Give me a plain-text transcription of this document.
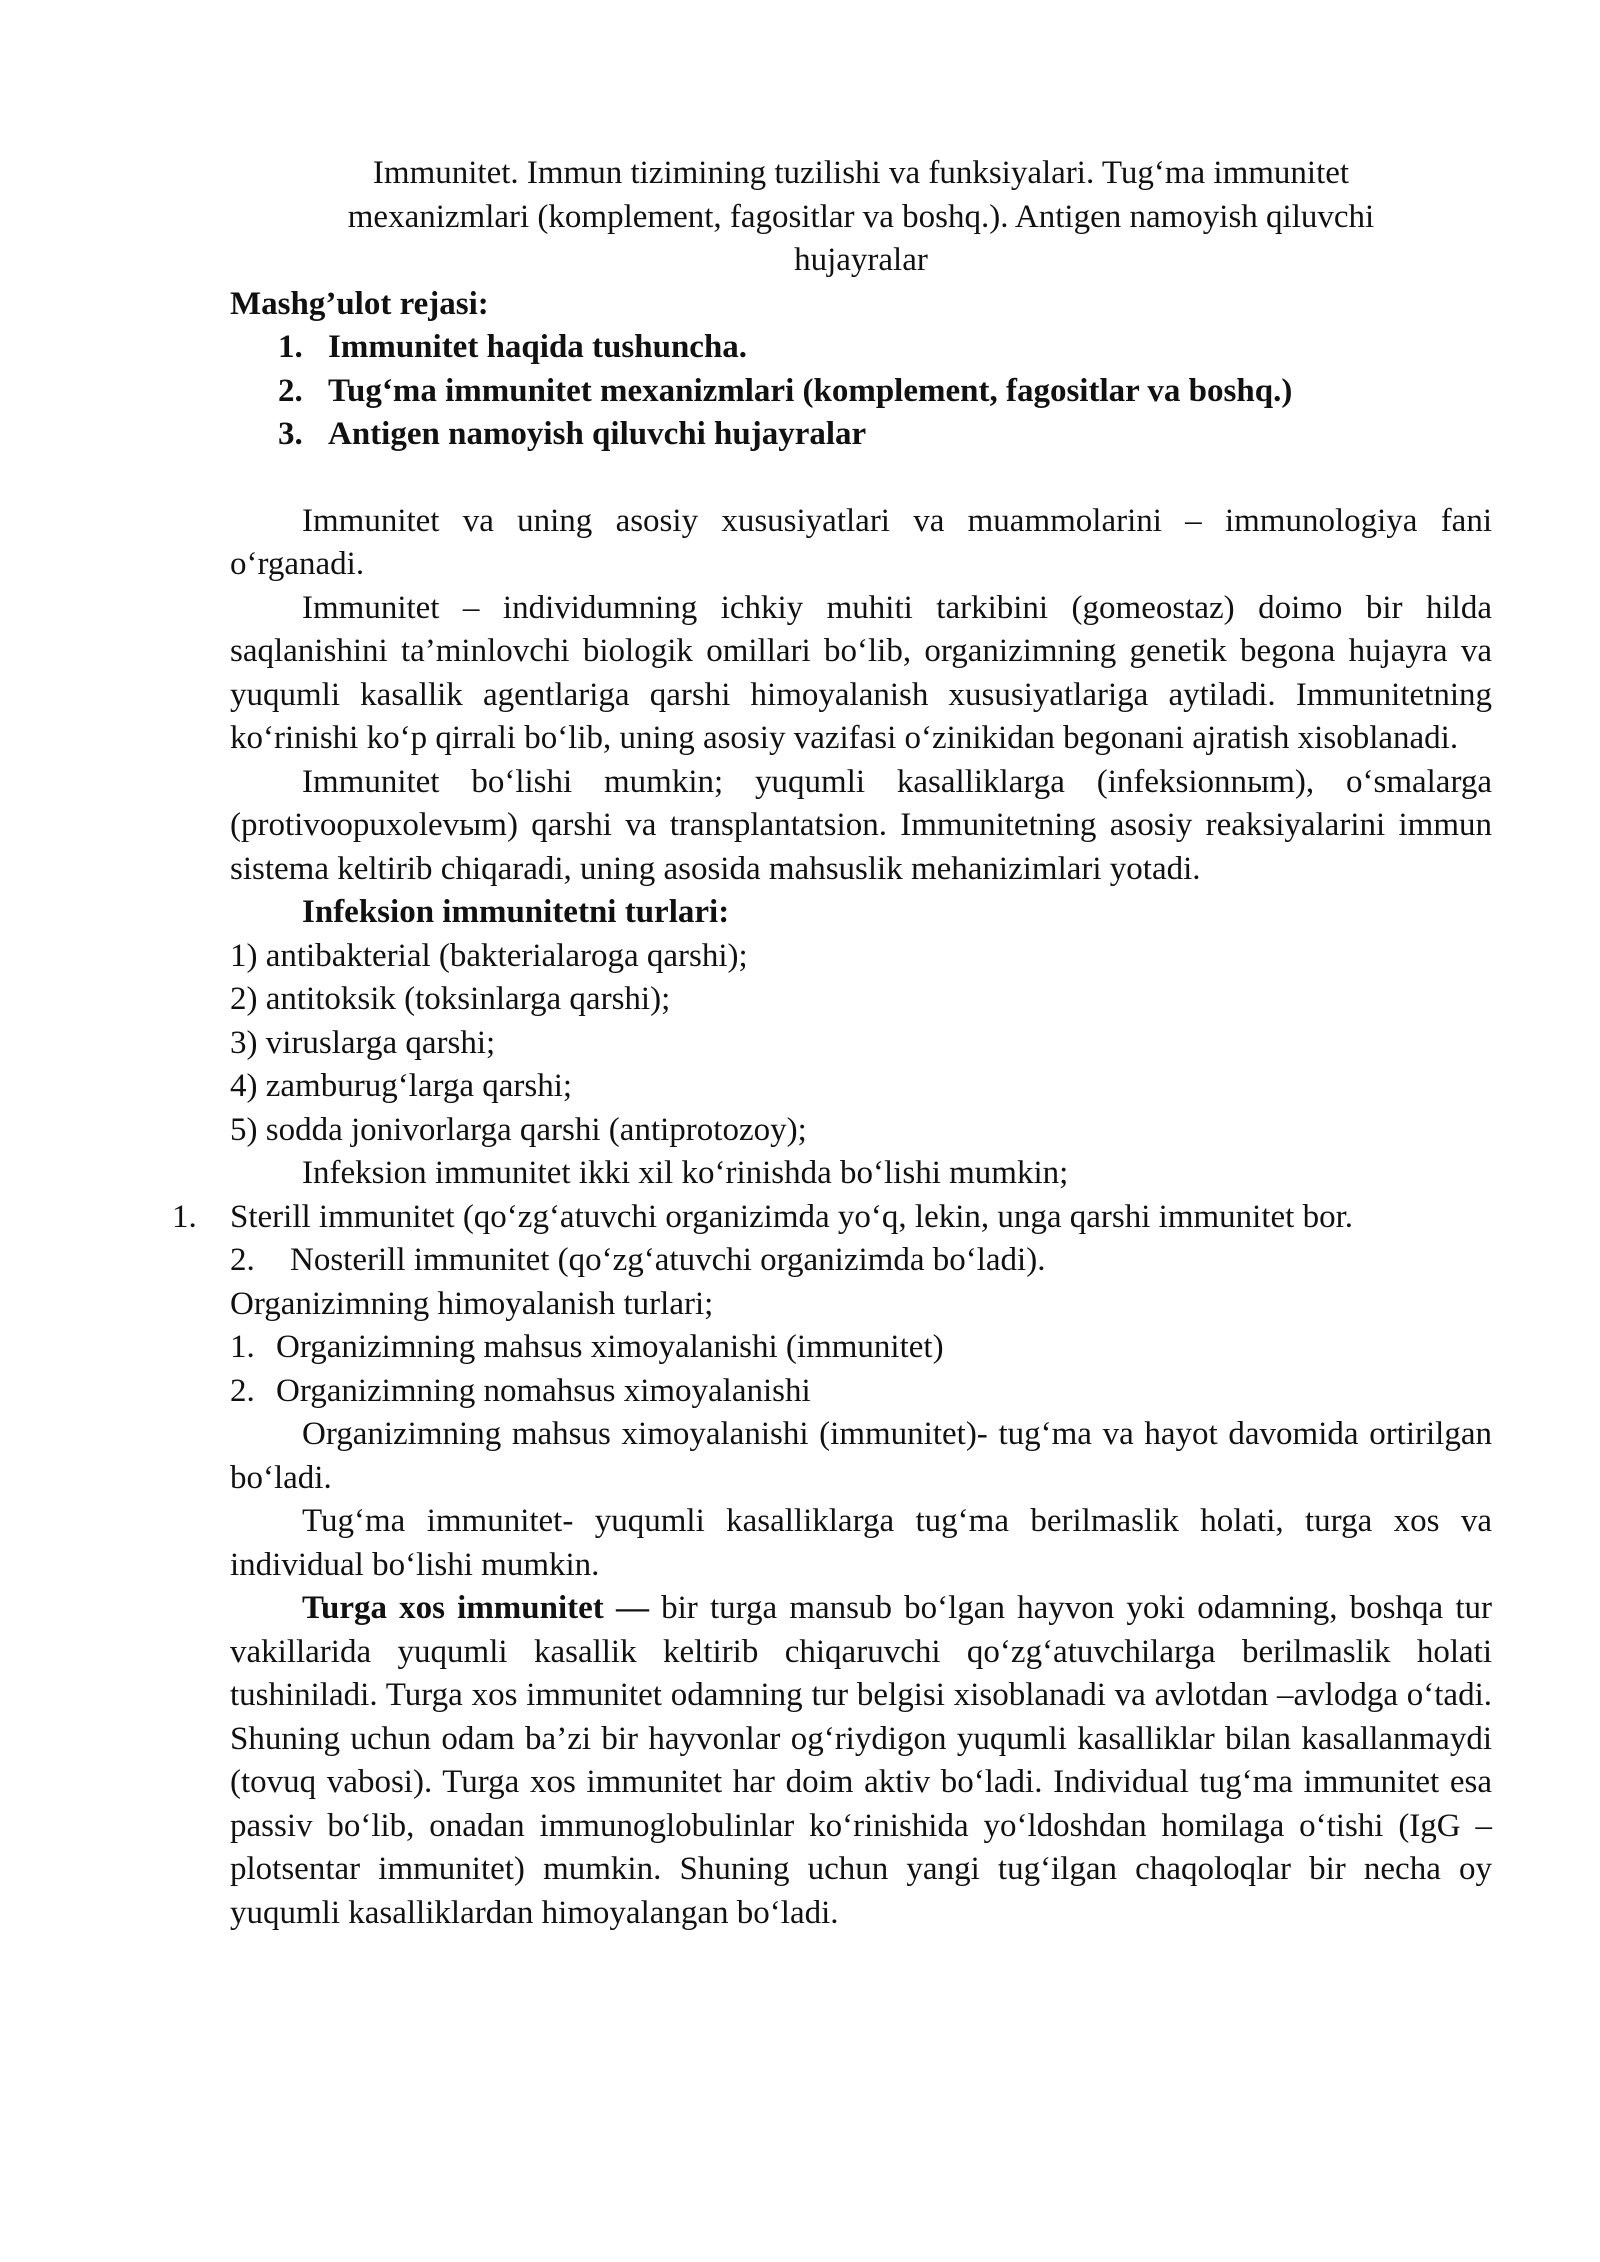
Immunitet. Immun tizimining tuzilishi va funksiyalari. Tug‘ma immunitet
mexanizmlari (komplement, fagositlar va boshq.). Antigen namoyish qiluvchi
hujayralar

Mashg’ulot rejasi:

1. Immunitet haqida tushuncha.
2. Tug‘ma immunitet mexanizmlari (komplement, fagositlar va boshq.)
3. Antigen namoyish qiluvchi hujayralar

Immunitet va uning asosiy xususiyatlari va muammolarini – immunologiya fani o‘rganadi.

Immunitet – individumning ichkiy muhiti tarkibini (gomeostaz) doimo bir hilda saqlanishini ta’minlovchi biologik omillari bo‘lib, organizimning genetik begona hujayra va yuqumli kasallik agentlariga qarshi himoyalanish xususiyatlariga aytiladi. Immunitetning ko‘rinishi ko‘p qirrali bo‘lib, uning asosiy vazifasi o‘zinikidan begonani ajratish xisoblanadi.

Immunitet bo‘lishi mumkin; yuqumli kasalliklarga (infeksionnыm), o‘smalarga (protivoopuxolevыm) qarshi va transplantatsion. Immunitetning asosiy reaksiyalarini immun sistema keltirib chiqaradi, uning asosida mahsuslik mehanizimlari yotadi.

Infeksion immunitetni turlari:

1) antibakterial (bakterialaroga qarshi);
2) antitoksik (toksinlarga qarshi);
3) viruslarga qarshi;
4) zamburug‘larga qarshi;
5) sodda jonivorlarga qarshi (antiprotozoy);

Infeksion immunitet ikki xil ko‘rinishda bo‘lishi mumkin;

1. Sterill immunitet (qo‘zg‘atuvchi organizimda yo‘q, lekin, unga qarshi immunitet bor.

2. Nosterill immunitet (qo‘zg‘atuvchi organizimda bo‘ladi).

Organizimning himoyalanish turlari;

1. Organizimning mahsus ximoyalanishi (immunitet)

2. Organizimning nomahsus ximoyalanishi

Organizimning mahsus ximoyalanishi (immunitet)- tug‘ma va hayot davomida ortirilgan bo‘ladi.

Tug‘ma immunitet- yuqumli kasalliklarga tug‘ma berilmaslik holati, turga xos va individual bo‘lishi mumkin.

Turga xos immunitet — bir turga mansub bo‘lgan hayvon yoki odamning, boshqa tur vakillarida yuqumli kasallik keltirib chiqaruvchi qo‘zg‘atuvchilarga berilmaslik holati tushiniladi. Turga xos immunitet odamning tur belgisi xisoblanadi va avlotdan –avlodga o‘tadi. Shuning uchun odam ba’zi bir hayvonlar og‘riydigon yuqumli kasalliklar bilan kasallanmaydi (tovuq vabosi). Turga xos immunitet har doim aktiv bo‘ladi. Individual tug‘ma immunitet esa passiv bo‘lib, onadan immunoglobulinlar ko‘rinishida yo‘ldoshdan homilaga o‘tishi (IgG –plotsentar immunitet) mumkin. Shuning uchun yangi tug‘ilgan chaqoloqlar bir necha oy yuqumli kasalliklardan himoyalangan bo‘ladi.
